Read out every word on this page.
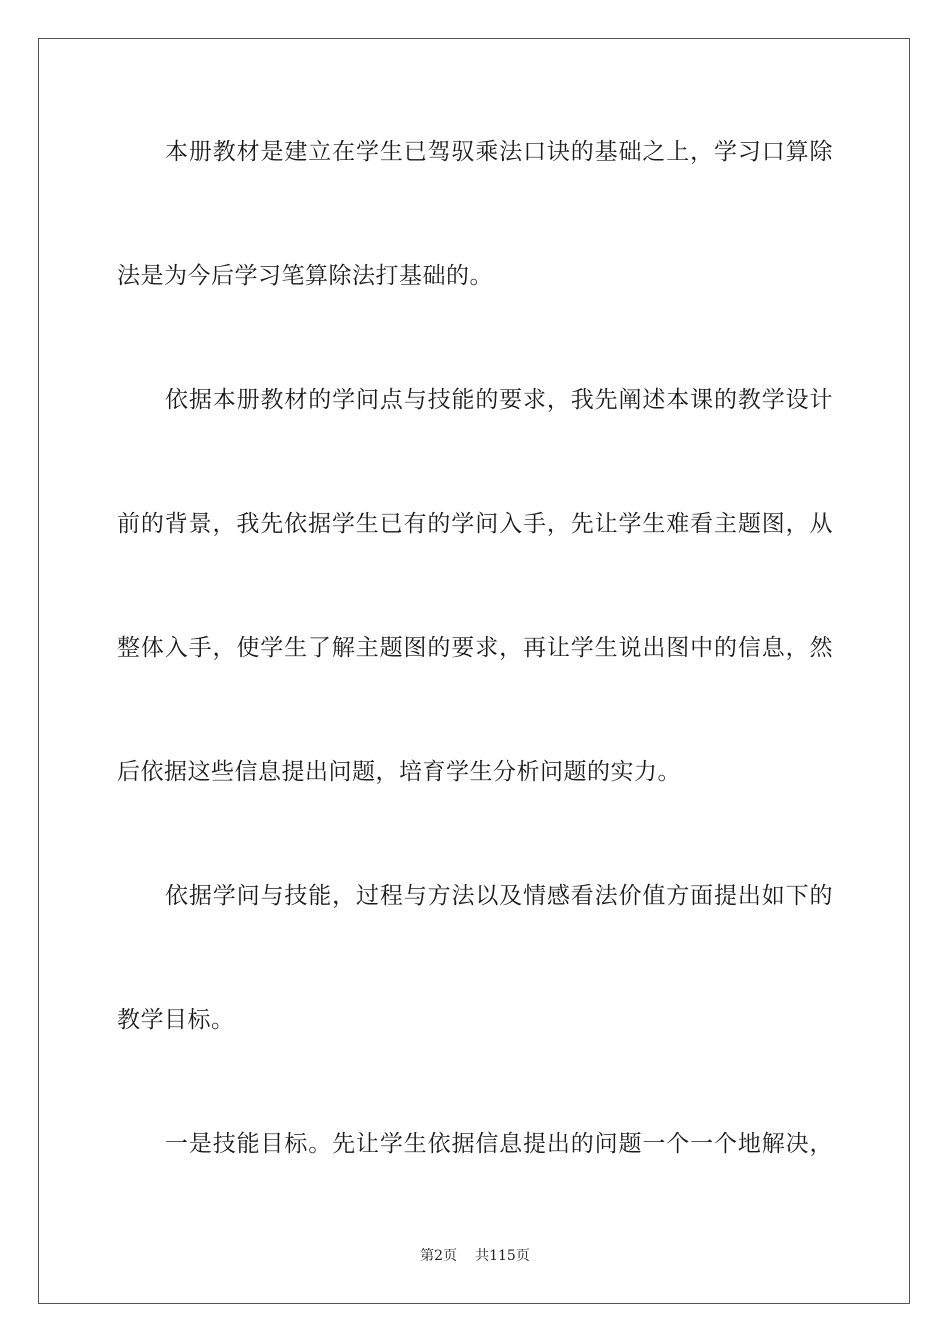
本册教材是建立在学生已驾驭乘法口诀的基础之上，学习口算除
法是为今后学习笔算除法打基础的。
依据本册教材的学问点与技能的要求，我先阐述本课的教学设计
前的背景，我先依据学生已有的学问入手，先让学生难看主题图，从
整体入手，使学生了解主题图的要求，再让学生说出图中的信息，然
后依据这些信息提出问题，培育学生分析问题的实力。
依据学问与技能，过程与方法以及情感看法价值方面提出如下的
教学目标。
一是技能目标。先让学生依据信息提出的问题一个一个地解决，
第2页 共115页
